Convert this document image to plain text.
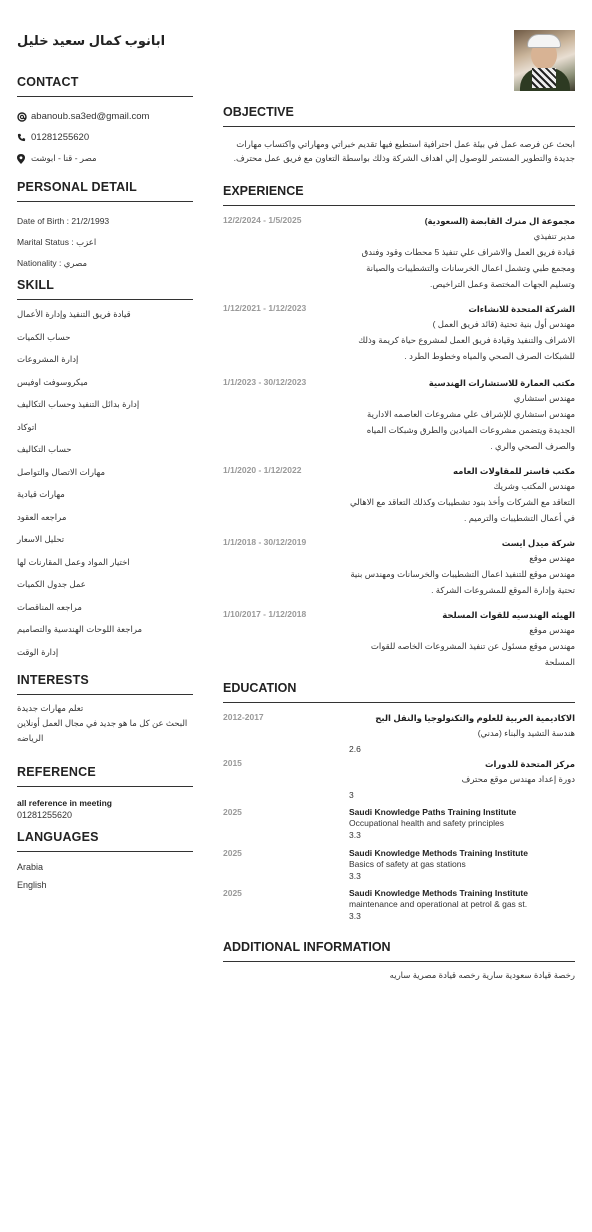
ابانوب كمال سعيد خليل
CONTACT
abanoub.sa3ed@gmail.com
01281255620
مصر - قنا - ابوشت
PERSONAL DETAIL
Date of Birth : 21/2/1993
Marital Status : اعزب
Nationality : مصري
SKILL
قيادة فريق التنفيذ وإدارة الأعمال
حساب الكميات
إدارة المشروعات
ميكروسوفت اوفيس
إدارة بدائل التنفيذ وحساب التكاليف
اتوكاد
حساب التكاليف
مهارات الاتصال والتواصل
مهارات قيادية
مراجعه العقود
تحليل الاسعار
اختيار المواد وعمل المقارنات لها
عمل جدول الكميات
مراجعه المناقصات
مراجعة اللوحات الهندسية والتصاميم
إدارة الوقت
INTERESTS
تعلم مهارات جديدة
البحث عن كل ما هو جديد في مجال العمل أونلاين
الرياضه
REFERENCE
all reference in meeting
01281255620
LANGUAGES
Arabia
English
OBJECTIVE
ابحث عن فرصه عمل في بيئة عمل احترافية استطيع فيها تقديم خبراتي ومهاراتي واكتساب مهارات
جديدة والتطوير المستمر للوصول إلي اهداف الشركة وذلك بواسطة التعاون مع فريق عمل محترف.
EXPERIENCE
12/2/2024 - 1/5/2025	مجموعة ال منرك القابضة (السعودية)
مدير تنفيذي
قيادة فريق العمل والاشراف علي تنفيذ 5 محطات وقود وفندق
ومجمع طبي وتشمل اعمال الخرسانات والتشطيبات والصيانة
وتسليم الجهات المختصة وعمل التراخيص.
1/12/2021 - 1/12/2023	الشركة المتحدة للانشاءات
مهندس أول بنية تحتية (قائد فريق العمل )
الاشراف والتنفيذ وقيادة فريق العمل لمشروع حياة كريمة وذلك
للشبكات الصرف الصحي والمياه وخطوط الطرد .
1/1/2023 - 30/12/2023	مكتب العمارة للاستشارات الهندسية
مهندس استشاري
مهندس استشاري للإشراف علي مشروعات العاصمه الادارية
الجديدة ويتضمن مشروعات الميادين والطرق وشبكات المياه
والصرف الصحي والري .
1/1/2020 - 1/12/2022	مكتب فاستر للمقاولات العامه
مهندس المكتب وشريك
التعاقد مع الشركات وأخذ بنود تشطيبات وكذلك التعاقد مع الاهالي
في أعمال التشطيبات والترميم .
1/1/2018 - 30/12/2019	شركة ميدل ايست
مهندس موقع
مهندس موقع للتنفيذ اعمال التشطيبات والخرسانات ومهندس بنية
تحتية وإدارة الموقع للمشروعات الشركة .
1/10/2017 - 1/12/2018	الهيئه الهندسيه للقوات المسلحة
مهندس موقع
مهندس موقع مسئول عن تنفيذ المشروعات الخاصه للقوات
المسلحة
EDUCATION
2012-2017	الاكاديمية العربية للعلوم والتكنولوجيا والنقل البح
هندسة التشيد والبناء (مدني)
2.6
2015	مركز المتحدة للدورات
دورة إعداد مهندس موقع محترف
3
2025	Saudi Knowledge Paths Training Institute
Occupational health and safety principles
3.3
2025	Saudi Knowledge Methods Training Institute
Basics of safety at gas stations
3.3
2025	Saudi Knowledge Methods Training Institute
maintenance and operational at petrol & gas st.
3.3
ADDITIONAL INFORMATION
رخصة قيادة سعودية سارية رخصه قيادة مصرية ساريه
